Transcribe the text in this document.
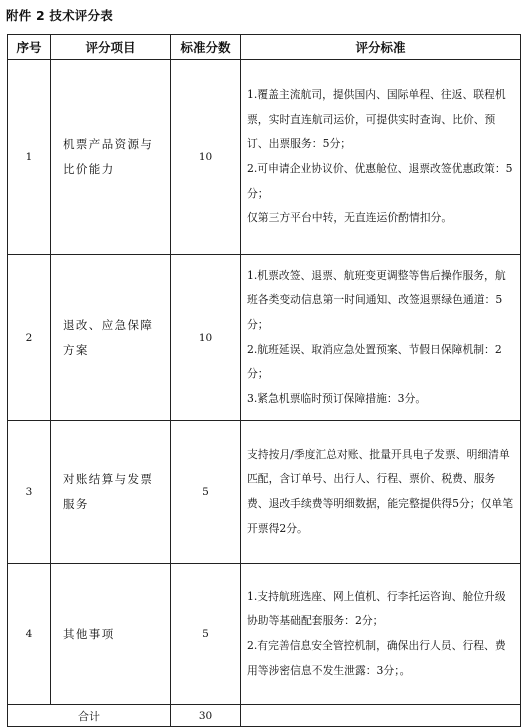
附件 2 技术评分表
序号	评分项目	标准分数	评分标准
1	机票产品资源与比价能力	10	1.覆盖主流航司，提供国内、国际单程、往返、联程机票，实时直连航司运价，可提供实时查询、比价、预订、出票服务：5分；
2.可申请企业协议价、优惠舱位、退票改签优惠政策：5分；
仅第三方平台中转，无直连运价酌情扣分。

2	退改、应急保障方案	10	1.机票改签、退票、航班变更调整等售后操作服务，航班各类变动信息第一时间通知、改签退票绿色通道：5分；
2.航班延误、取消应急处置预案、节假日保障机制：2分；
3.紧急机票临时预订保障措施：3分。

3	对账结算与发票服务	5	支持按月/季度汇总对账、批量开具电子发票、明细清单匹配，含订单号、出行人、行程、票价、税费、服务费、退改手续费等明细数据，能完整提供得5分；仅单笔开票得2分。

4	其他事项	5	1.支持航班选座、网上值机、行李托运咨询、舱位升级协助等基础配套服务：2分；
2.有完善信息安全管控机制，确保出行人员、行程、费用等涉密信息不发生泄露：3分；。

合计		30	
